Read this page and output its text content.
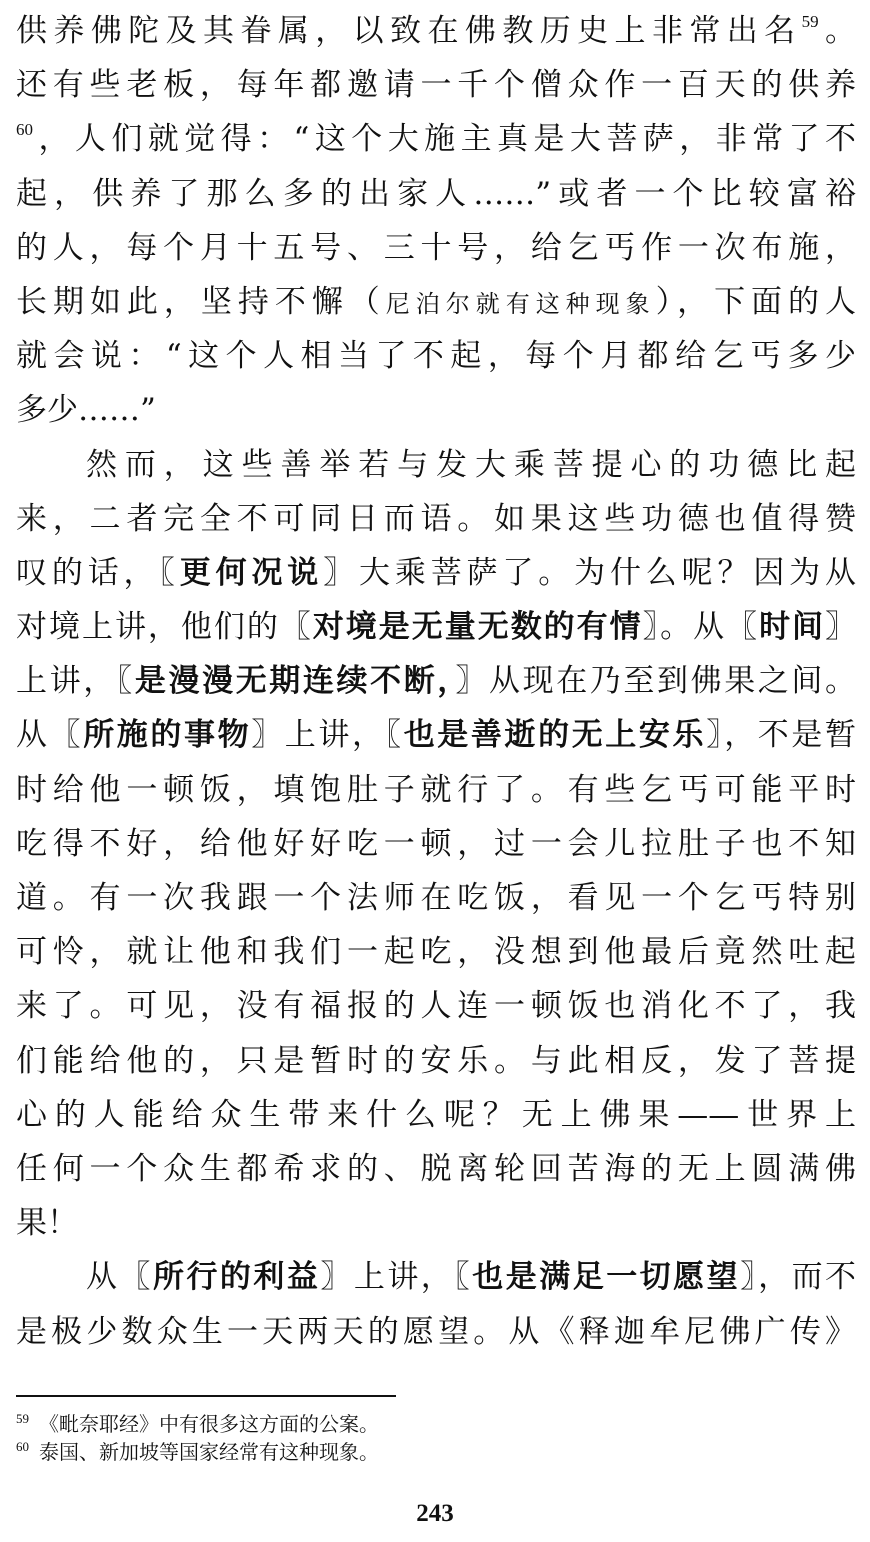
供养佛陀及其眷属，以致在佛教历史上非常出名$^{59}$。
还有些老板，每年都邀请一千个僧众作一百天的供养
$^{60}$，人们就觉得：“这个大施主真是大菩萨，非常了不
起，供养了那么多的出家人……”或者一个比较富裕
的人，每个月十五号、三十号，给乞丐作一次布施，
长期如此，坚持不懈（尼泊尔就有这种现象），下面的人
就会说：“这个人相当了不起，每个月都给乞丐多少
多少……”
然而，这些善举若与发大乘菩提心的功德比起
来，二者完全不可同日而语。如果这些功德也值得赞
叹的话，〖更何况说〗大乘菩萨了。为什么呢？因为从
对境上讲，他们的〖对境是无量无数的有情〗。从〖时间〗
上讲，〖是漫漫无期连续不断，〗从现在乃至到佛果之间。
从〖所施的事物〗上讲，〖也是善逝的无上安乐〗，不是暂
时给他一顿饭，填饱肚子就行了。有些乞丐可能平时
吃得不好，给他好好吃一顿，过一会儿拉肚子也不知
道。有一次我跟一个法师在吃饭，看见一个乞丐特别
可怜，就让他和我们一起吃，没想到他最后竟然吐起
来了。可见，没有福报的人连一顿饭也消化不了，我
们能给他的，只是暂时的安乐。与此相反，发了菩提
心的人能给众生带来什么呢？无上佛果——世界上
任何一个众生都希求的、脱离轮回苦海的无上圆满佛
果！
从〖所行的利益〗上讲，〖也是满足一切愿望〗，而不
是极少数众生一天两天的愿望。从《释迦牟尼佛广传》
$^{59}$ 《毗奈耶经》中有很多这方面的公案。
$^{60}$ 泰国、新加坡等国家经常有这种现象。
243
